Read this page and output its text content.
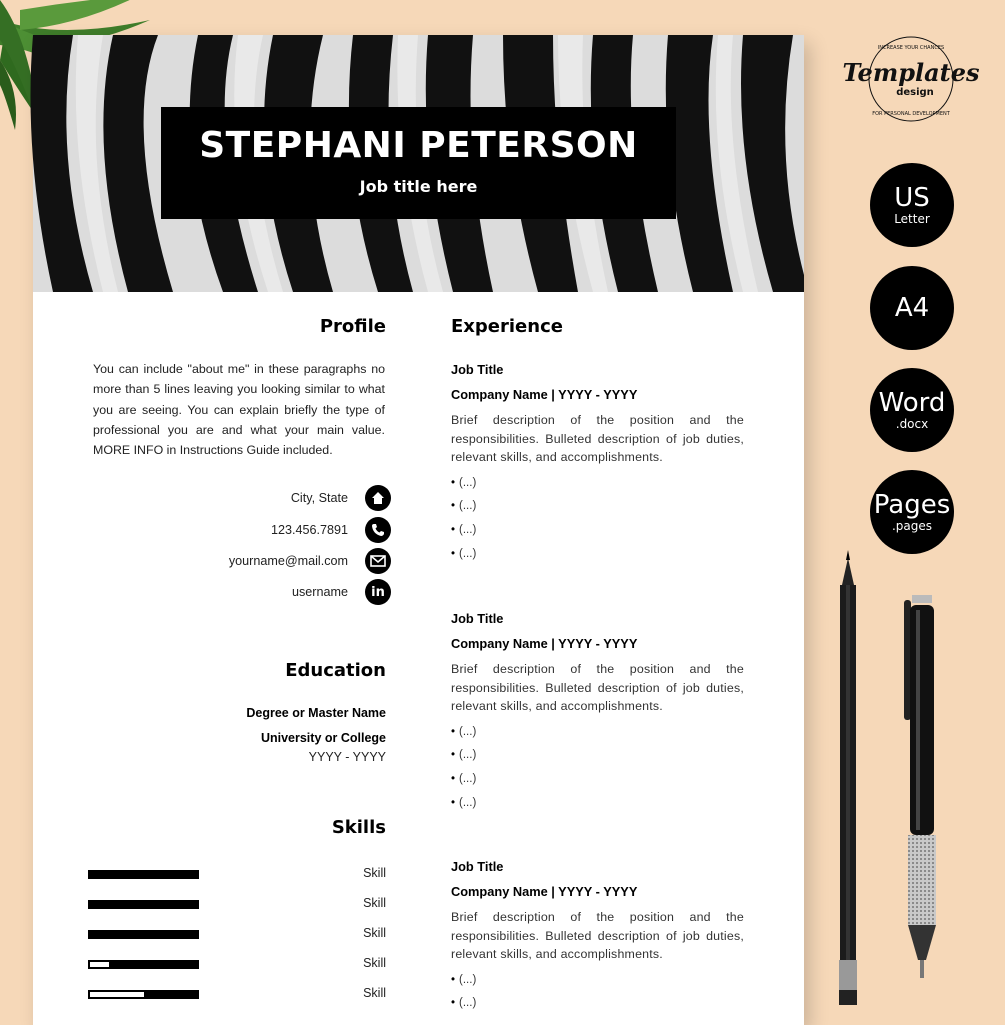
STEPHANI PETERSON
Job title here
Profile
You can include "about me" in these paragraphs no more than 5 lines leaving you looking similar to what you are seeing. You can explain briefly the type of professional you are and what your main value. MORE INFO in Instructions Guide included.
City, State
123.456.7891
yourname@mail.com
username	in
Education
Degree or Master Name
University or College
YYYY - YYYY
Skills
Skill
Skill
Skill
Skill
Skill
Experience
Job Title
Company Name | YYYY - YYYY
Brief description of the position and the responsibilities. Bulleted description of job duties, relevant skills, and accomplishments.
• (...)
• (...)
• (...)
• (...)
Job Title
Company Name | YYYY - YYYY
Brief description of the position and the responsibilities. Bulleted description of job duties, relevant skills, and accomplishments.
• (...)
• (...)
• (...)
• (...)
Job Title
Company Name | YYYY - YYYY
Brief description of the position and the responsibilities. Bulleted description of job duties, relevant skills, and accomplishments.
• (...)
• (...)
Templates
design
INCREASE YOUR CHANCES
FOR PERSONAL DEVELOPMENT
US
Letter
A4
Word
.docx
Pages
.pages
